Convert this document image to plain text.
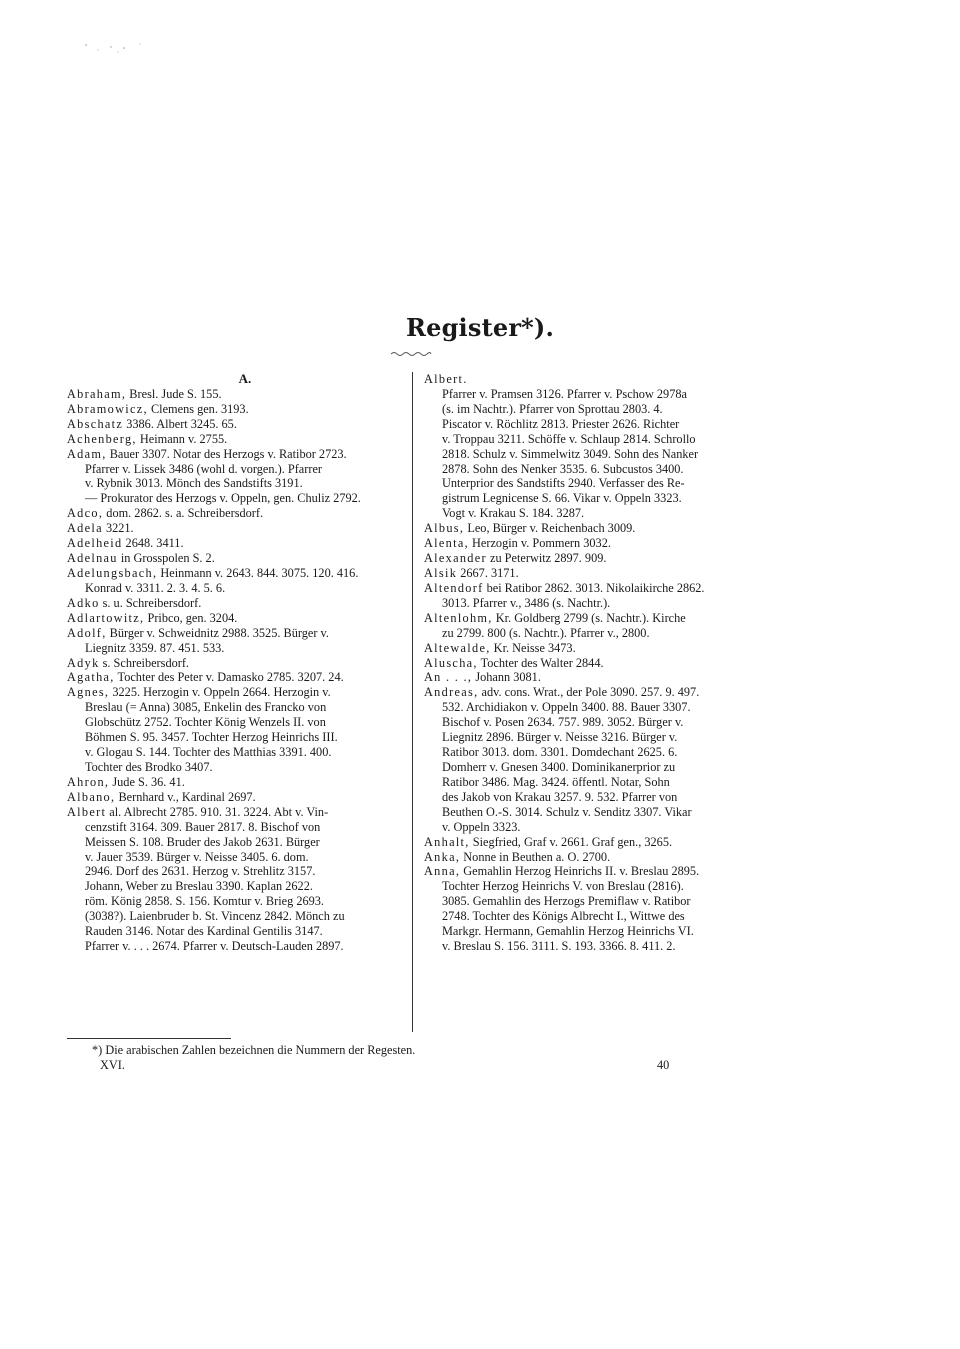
Register*).
A.
Abraham, Bresl. Jude S. 155.
Abramowicz, Clemens gen. 3193.
Abschatz 3386. Albert 3245. 65.
Achenberg, Heimann v. 2755.
Adam, Bauer 3307. Notar des Herzogs v. Ratibor 2723.
Pfarrer v. Lissek 3486 (wohl d. vorgen.). Pfarrer
v. Rybnik 3013. Mönch des Sandstifts 3191.
— Prokurator des Herzogs v. Oppeln, gen. Chuliz 2792.
Adco, dom. 2862. s. a. Schreibersdorf.
Adela 3221.
Adelheid 2648. 3411.
Adelnau in Grosspolen S. 2.
Adelungsbach, Heinmann v. 2643. 844. 3075. 120. 416.
Konrad v. 3311. 2. 3. 4. 5. 6.
Adko s. u. Schreibersdorf.
Adlartowitz, Pribco, gen. 3204.
Adolf, Bürger v. Schweidnitz 2988. 3525. Bürger v.
Liegnitz 3359. 87. 451. 533.
Adyk s. Schreibersdorf.
Agatha, Tochter des Peter v. Damasko 2785. 3207. 24.
Agnes, 3225. Herzogin v. Oppeln 2664. Herzogin v.
Breslau (= Anna) 3085, Enkelin des Francko von
Globschütz 2752. Tochter König Wenzels II. von
Böhmen S. 95. 3457. Tochter Herzog Heinrichs III.
v. Glogau S. 144. Tochter des Matthias 3391. 400.
Tochter des Brodko 3407.
Ahron, Jude S. 36. 41.
Albano, Bernhard v., Kardinal 2697.
Albert al. Albrecht 2785. 910. 31. 3224. Abt v. Vin-
cenzstift 3164. 309. Bauer 2817. 8. Bischof von
Meissen S. 108. Bruder des Jakob 2631. Bürger
v. Jauer 3539. Bürger v. Neisse 3405. 6. dom.
2946. Dorf des 2631. Herzog v. Strehlitz 3157.
Johann, Weber zu Breslau 3390. Kaplan 2622.
röm. König 2858. S. 156. Komtur v. Brieg 2693.
(3038?). Laienbruder b. St. Vincenz 2842. Mönch zu
Rauden 3146. Notar des Kardinal Gentilis 3147.
Pfarrer v. . . . 2674. Pfarrer v. Deutsch-Lauden 2897.
Albert.
Pfarrer v. Pramsen 3126. Pfarrer v. Pschow 2978a
(s. im Nachtr.). Pfarrer von Sprottau 2803. 4.
Piscator v. Röchlitz 2813. Priester 2626. Richter
v. Troppau 3211. Schöffe v. Schlaup 2814. Schrollo
2818. Schulz v. Simmelwitz 3049. Sohn des Nanker
2878. Sohn des Nenker 3535. 6. Subcustos 3400.
Unterprior des Sandstifts 2940. Verfasser des Re-
gistrum Legnicense S. 66. Vikar v. Oppeln 3323.
Vogt v. Krakau S. 184. 3287.
Albus, Leo, Bürger v. Reichenbach 3009.
Alenta, Herzogin v. Pommern 3032.
Alexander zu Peterwitz 2897. 909.
Alsik 2667. 3171.
Altendorf bei Ratibor 2862. 3013. Nikolaikirche 2862.
3013. Pfarrer v., 3486 (s. Nachtr.).
Altenlohm, Kr. Goldberg 2799 (s. Nachtr.). Kirche
zu 2799. 800 (s. Nachtr.). Pfarrer v., 2800.
Altewalde, Kr. Neisse 3473.
Aluscha, Tochter des Walter 2844.
An . . ., Johann 3081.
Andreas, adv. cons. Wrat., der Pole 3090. 257. 9. 497.
532. Archidiakon v. Oppeln 3400. 88. Bauer 3307.
Bischof v. Posen 2634. 757. 989. 3052. Bürger v.
Liegnitz 2896. Bürger v. Neisse 3216. Bürger v.
Ratibor 3013. dom. 3301. Domdechant 2625. 6.
Domherr v. Gnesen 3400. Dominikanerprior zu
Ratibor 3486. Mag. 3424. öffentl. Notar, Sohn
des Jakob von Krakau 3257. 9. 532. Pfarrer von
Beuthen O.-S. 3014. Schulz v. Senditz 3307. Vikar
v. Oppeln 3323.
Anhalt, Siegfried, Graf v. 2661. Graf gen., 3265.
Anka, Nonne in Beuthen a. O. 2700.
Anna, Gemahlin Herzog Heinrichs II. v. Breslau 2895.
Tochter Herzog Heinrichs V. von Breslau (2816).
3085. Gemahlin des Herzogs Premiflaw v. Ratibor
2748. Tochter des Königs Albrecht I., Wittwe des
Markgr. Hermann, Gemahlin Herzog Heinrichs VI.
v. Breslau S. 156. 3111. S. 193. 3366. 8. 411. 2.
*) Die arabischen Zahlen bezeichnen die Nummern der Regesten.
XVI.	40
